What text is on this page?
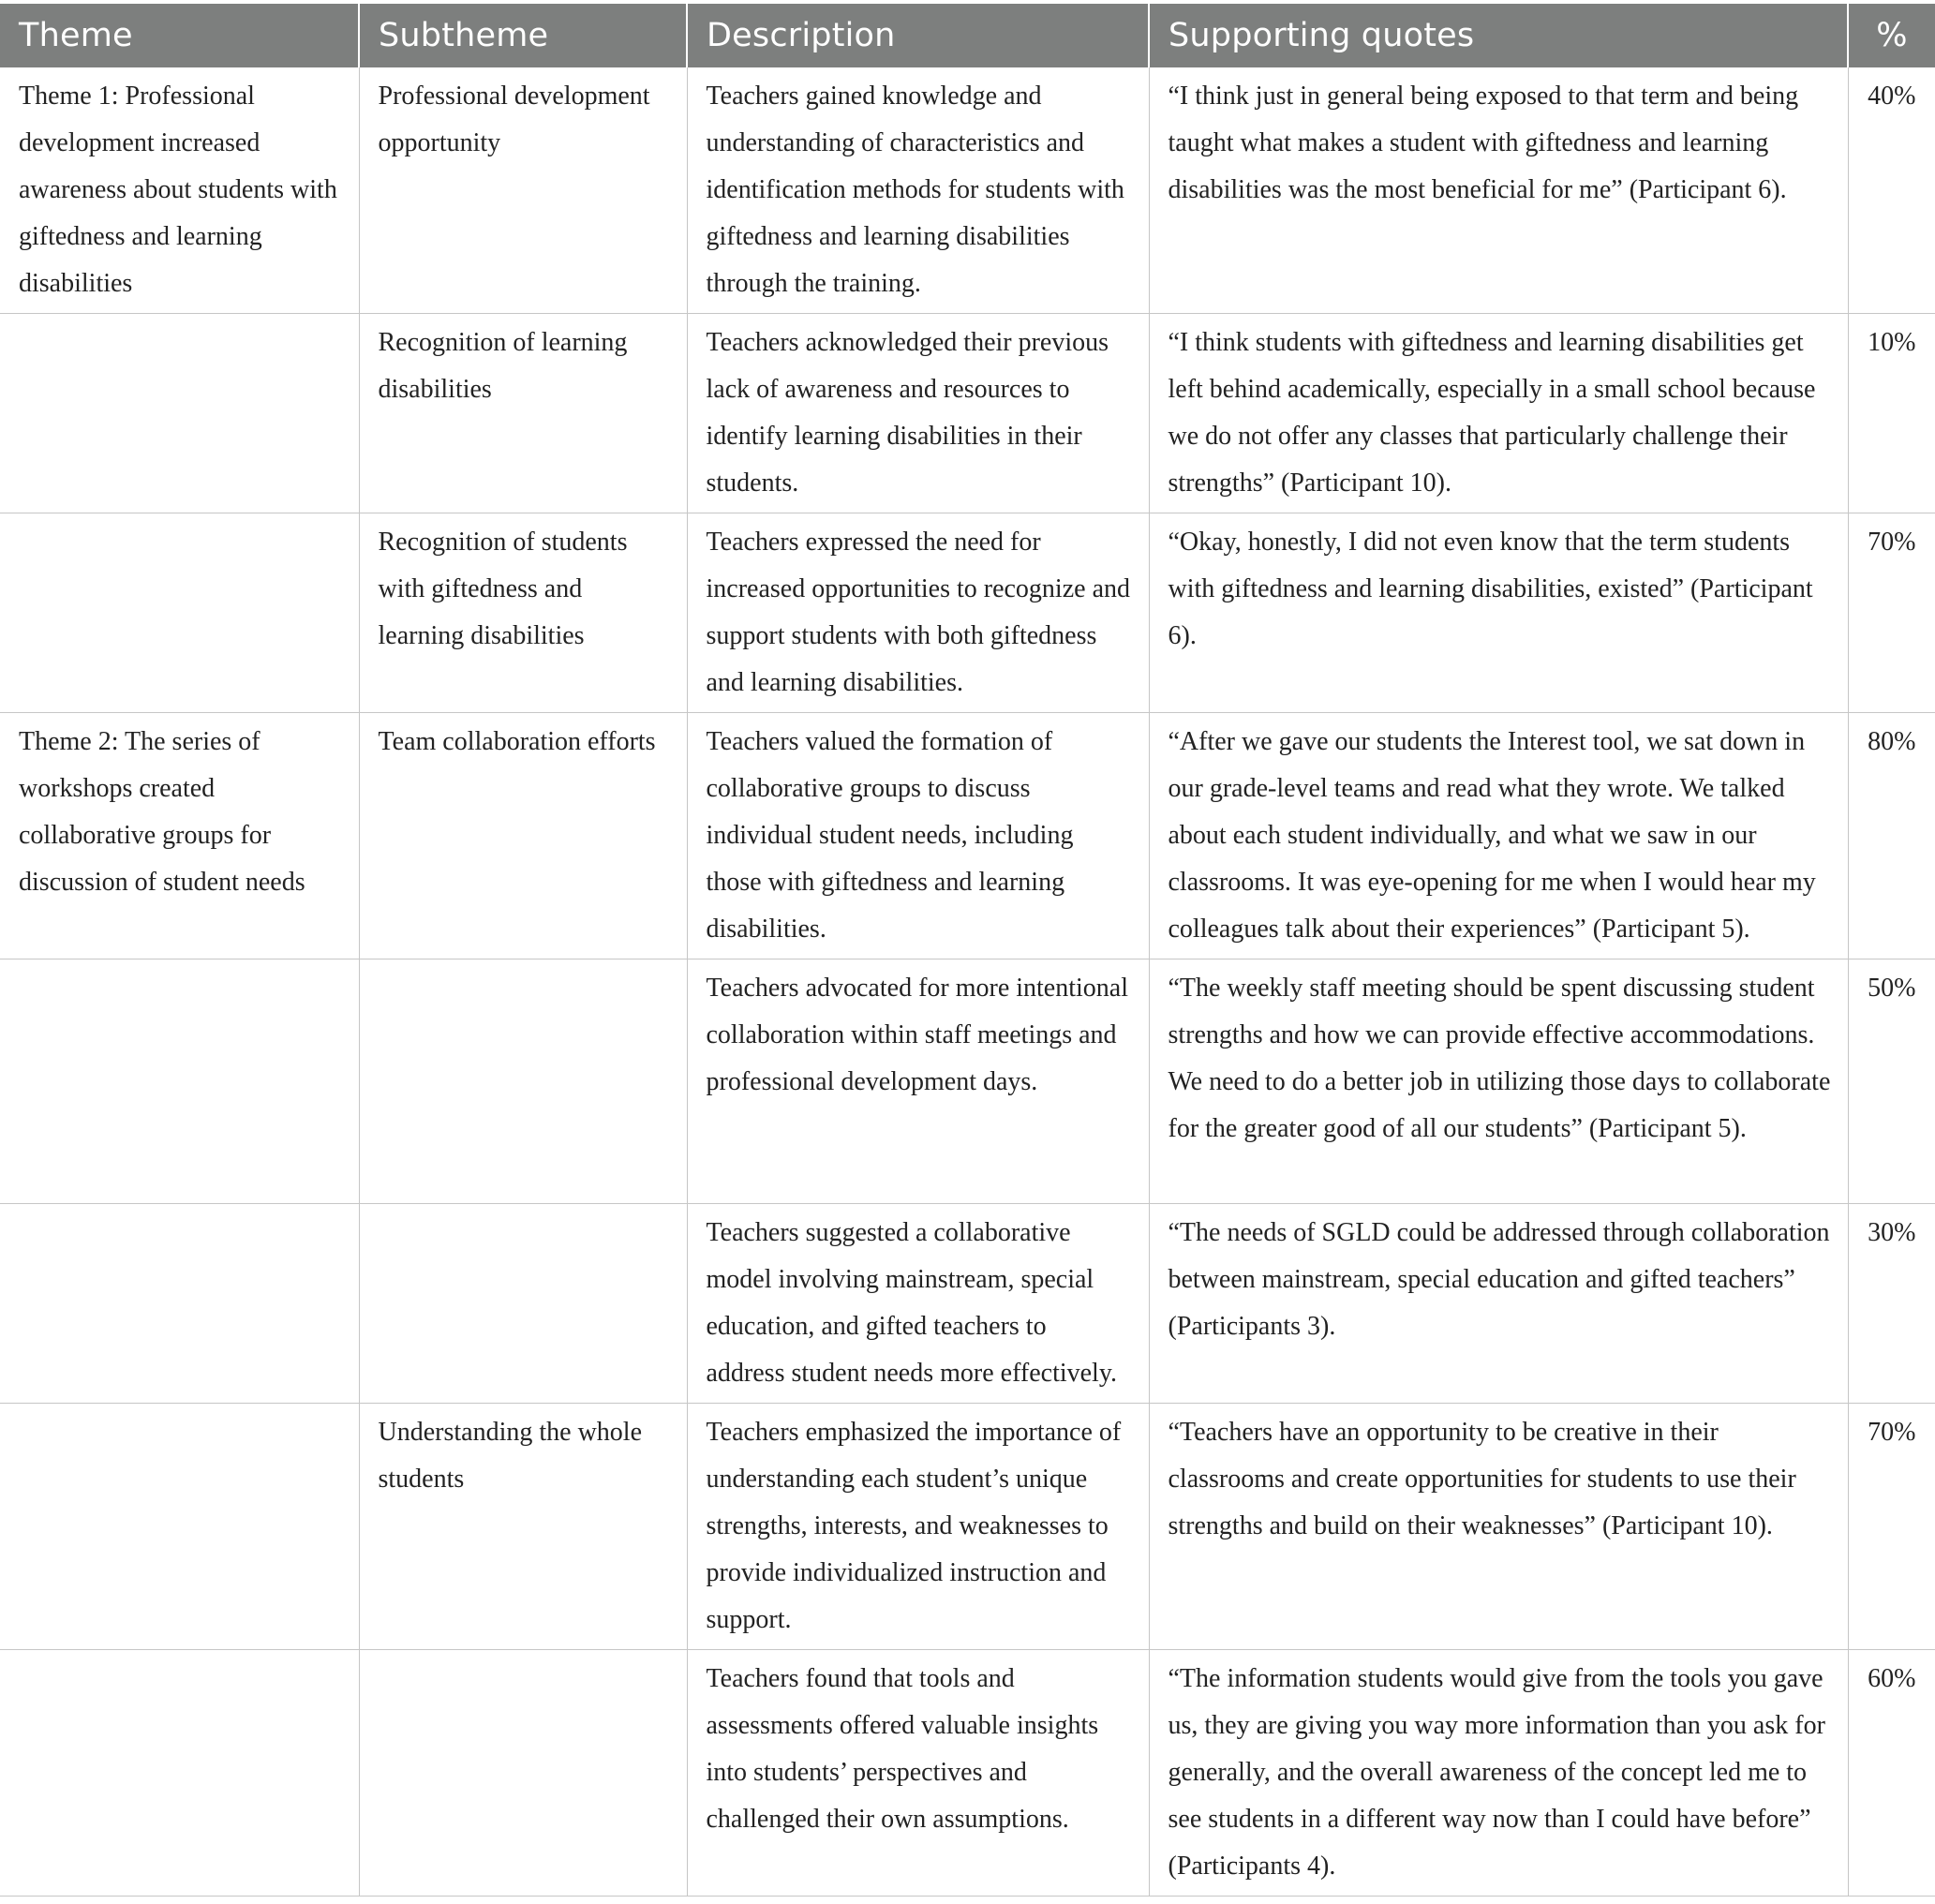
Theme	Subtheme	Description	Supporting quotes	%
Theme 1: Professional development increased awareness about students with giftedness and learning disabilities	Professional development opportunity	Teachers gained knowledge and understanding of characteristics and identification methods for students with giftedness and learning disabilities through the training.	“I think just in general being exposed to that term and being taught what makes a student with giftedness and learning disabilities was the most beneficial for me” (Participant 6).	40%
	Recognition of learning disabilities	Teachers acknowledged their previous lack of awareness and resources to identify learning disabilities in their students.	“I think students with giftedness and learning disabilities get left behind academically, especially in a small school because we do not offer any classes that particularly challenge their strengths” (Participant 10).	10%
	Recognition of students with giftedness and learning disabilities	Teachers expressed the need for increased opportunities to recognize and support students with both giftedness and learning disabilities.	“Okay, honestly, I did not even know that the term students with giftedness and learning disabilities, existed” (Participant 6).	70%
Theme 2: The series of workshops created collaborative groups for discussion of student needs	Team collaboration efforts	Teachers valued the formation of collaborative groups to discuss individual student needs, including those with giftedness and learning disabilities.	“After we gave our students the Interest tool, we sat down in our grade-level teams and read what they wrote. We talked about each student individually, and what we saw in our classrooms. It was eye-opening for me when I would hear my colleagues talk about their experiences” (Participant 5).	80%
		Teachers advocated for more intentional collaboration within staff meetings and professional development days.	“The weekly staff meeting should be spent discussing student strengths and how we can provide effective accommodations. We need to do a better job in utilizing those days to collaborate for the greater good of all our students” (Participant 5).	50%
		Teachers suggested a collaborative model involving mainstream, special education, and gifted teachers to address student needs more effectively.	“The needs of SGLD could be addressed through collaboration between mainstream, special education and gifted teachers” (Participants 3).	30%
	Understanding the whole students	Teachers emphasized the importance of understanding each student’s unique strengths, interests, and weaknesses to provide individualized instruction and support.	“Teachers have an opportunity to be creative in their classrooms and create opportunities for students to use their strengths and build on their weaknesses” (Participant 10).	70%
		Teachers found that tools and assessments offered valuable insights into students’ perspectives and challenged their own assumptions.	“The information students would give from the tools you gave us, they are giving you way more information than you ask for generally, and the overall awareness of the concept led me to see students in a different way now than I could have before” (Participants 4).	60%
